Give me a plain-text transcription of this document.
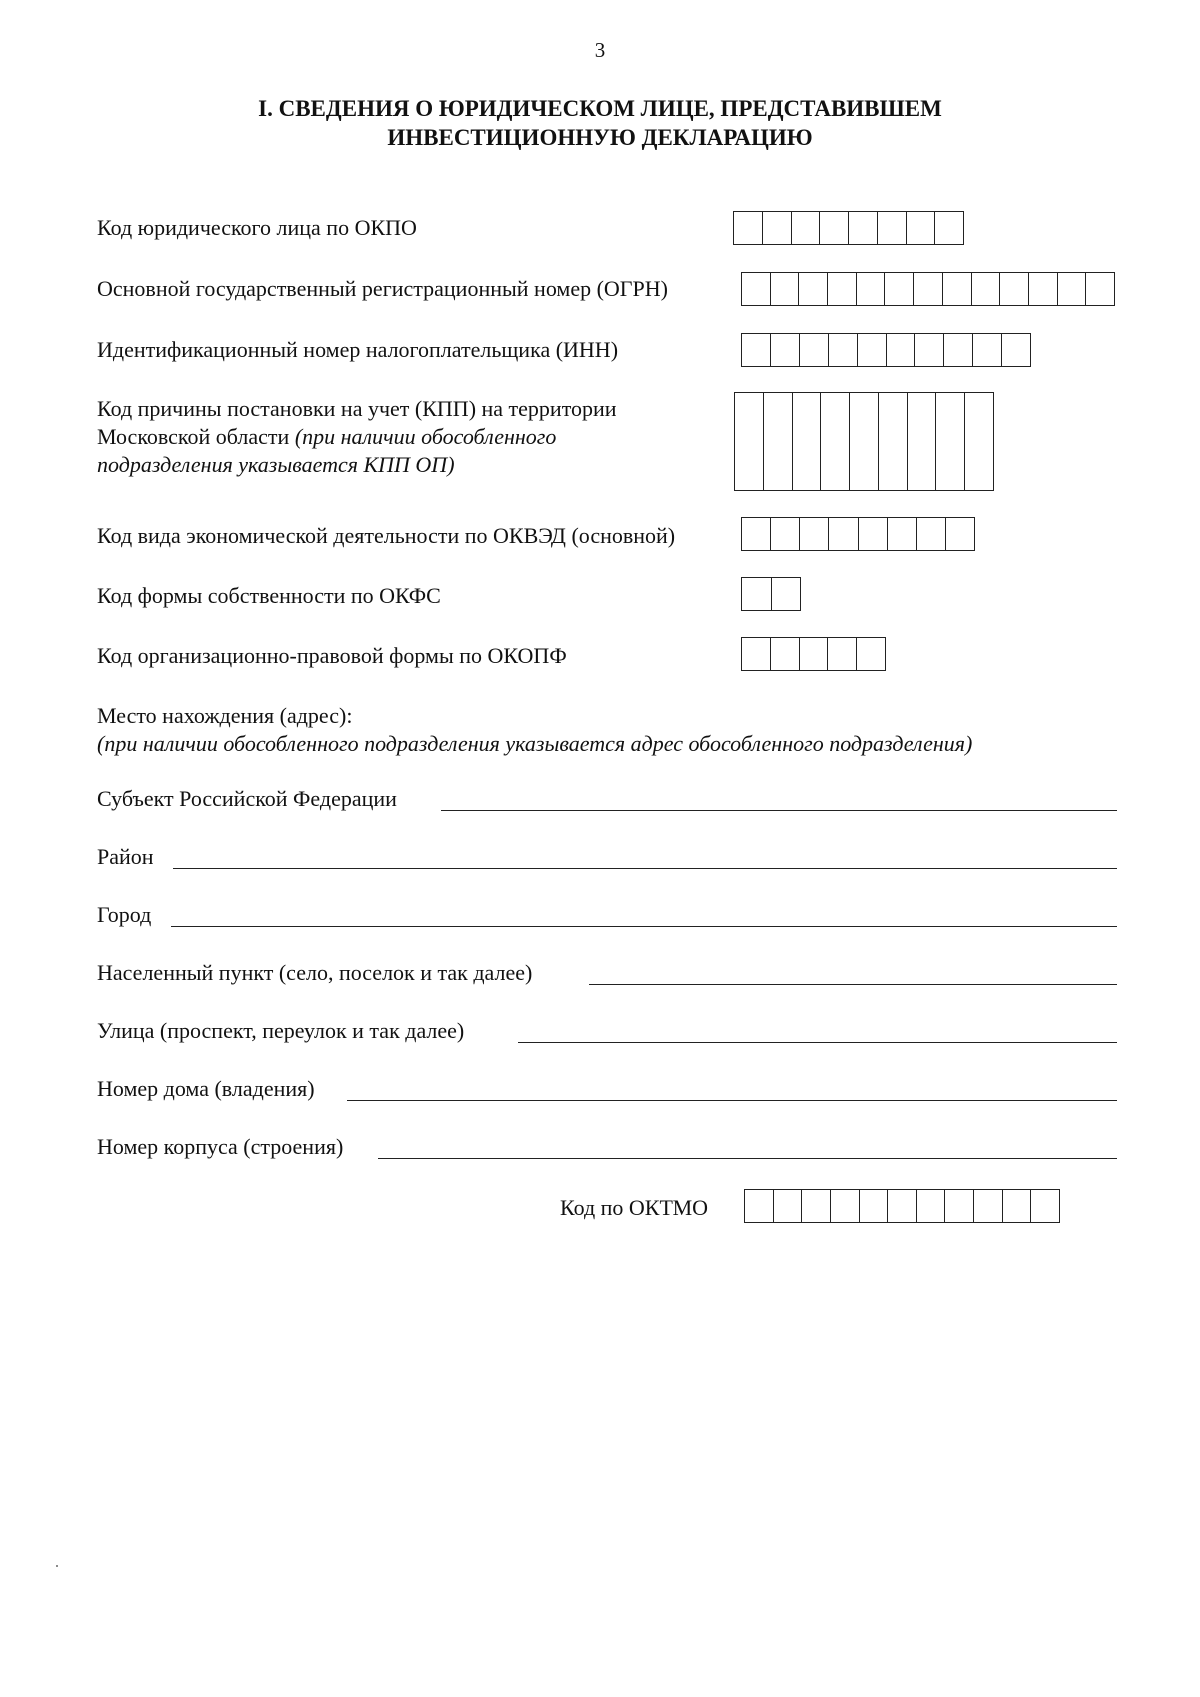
3
I. СВЕДЕНИЯ О ЮРИДИЧЕСКОМ ЛИЦЕ, ПРЕДСТАВИВШЕМ
ИНВЕСТИЦИОННУЮ ДЕКЛАРАЦИЮ
Код юридического лица по ОКПО
Основной государственный регистрационный номер (ОГРН)
Идентификационный номер налогоплательщика (ИНН)
Код причины постановки на учет (КПП) на территории
Московской области (при наличии обособленного
подразделения указывается КПП ОП)
Код вида экономической деятельности по ОКВЭД (основной)
Код формы собственности по ОКФС
Код организационно-правовой формы по ОКОПФ
Место нахождения (адрес):
(при наличии обособленного подразделения указывается адрес обособленного подразделения)
Субъект Российской Федерации
Район
Город
Населенный пункт (село, поселок и так далее)
Улица (проспект, переулок и так далее)
Номер дома (владения)
Номер корпуса (строения)
Код по ОКТМО
